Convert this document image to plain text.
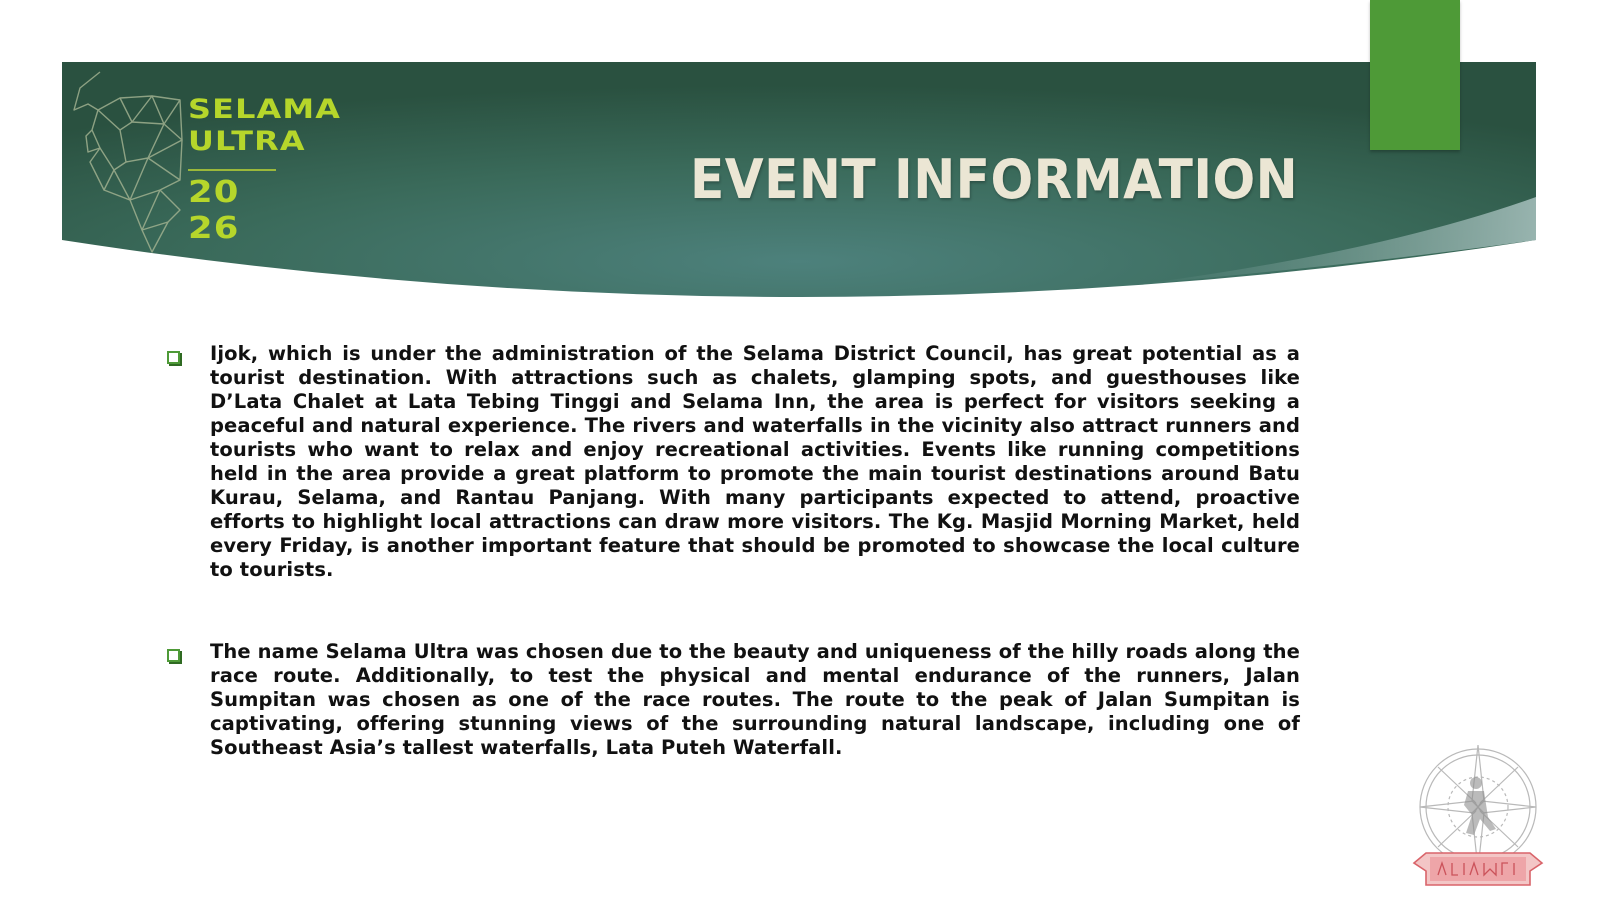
SELAMA
ULTRA
20
26
EVENT INFORMATION

Ijok, which is under the administration of the Selama District Council, has great potential as a tourist destination. With attractions such as chalets, glamping spots, and guesthouses like D’Lata Chalet at Lata Tebing Tinggi and Selama Inn, the area is perfect for visitors seeking a peaceful and natural experience. The rivers and waterfalls in the vicinity also attract runners and tourists who want to relax and enjoy recreational activities. Events like running competitions held in the area provide a great platform to promote the main tourist destinations around Batu Kurau, Selama, and Rantau Panjang. With many participants expected to attend, proactive efforts to highlight local attractions can draw more visitors. The Kg. Masjid Morning Market, held every Friday, is another important feature that should be promoted to showcase the local culture to tourists.

The name Selama Ultra was chosen due to the beauty and uniqueness of the hilly roads along the race route. Additionally, to test the physical and mental endurance of the runners, Jalan Sumpitan was chosen as one of the race routes. The route to the peak of Jalan Sumpitan is captivating, offering stunning views of the surrounding natural landscape, including one of Southeast Asia’s tallest waterfalls, Lata Puteh Waterfall.
